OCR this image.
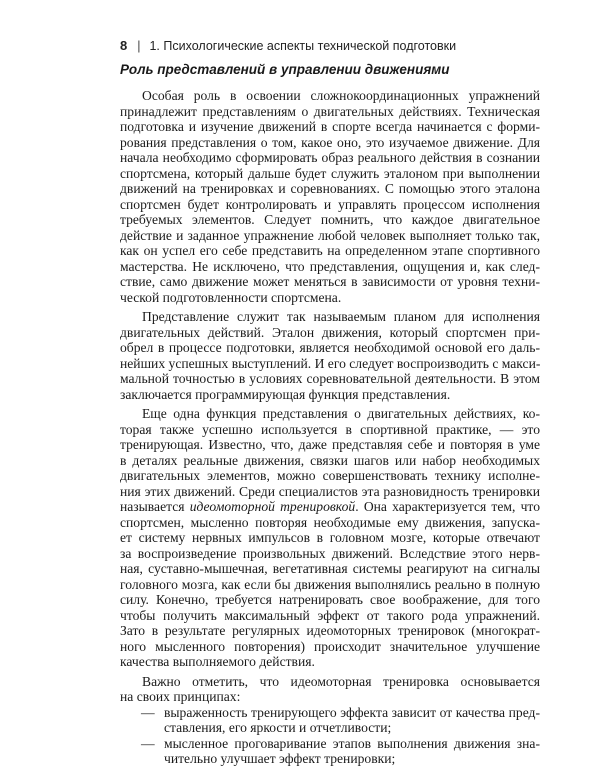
8 | 1. Психологические аспекты технической подготовки
Роль представлений в управлении движениями
Особая роль в освоении сложнокоординационных упражнений
принадлежит представлениям о двигательных действиях. Техническая
подготовка и изучение движений в спорте всегда начинается с форми-
рования представления о том, какое оно, это изучаемое движение. Для
начала необходимо сформировать образ реального действия в сознании
спортсмена, который дальше будет служить эталоном при выполнении
движений на тренировках и соревнованиях. С помощью этого эталона
спортсмен будет контролировать и управлять процессом исполнения
требуемых элементов. Следует помнить, что каждое двигательное
действие и заданное упражнение любой человек выполняет только так,
как он успел его себе представить на определенном этапе спортивного
мастерства. Не исключено, что представления, ощущения и, как след-
ствие, само движение может меняться в зависимости от уровня техни-
ческой подготовленности спортсмена.
Представление служит так называемым планом для исполнения
двигательных действий. Эталон движения, который спортсмен при-
обрел в процессе подготовки, является необходимой основой его даль-
нейших успешных выступлений. И его следует воспроизводить с макси-
мальной точностью в условиях соревновательной деятельности. В этом
заключается программирующая функция представления.
Еще одна функция представления о двигательных действиях, ко-
торая также успешно используется в спортивной практике, — это
тренирующая. Известно, что, даже представляя себе и повторяя в уме
в деталях реальные движения, связки шагов или набор необходимых
двигательных элементов, можно совершенствовать технику исполне-
ния этих движений. Среди специалистов эта разновидность тренировки
называется идеомоторной тренировкой. Она характеризуется тем, что
спортсмен, мысленно повторяя необходимые ему движения, запуска-
ет систему нервных импульсов в головном мозге, которые отвечают
за воспроизведение произвольных движений. Вследствие этого нерв-
ная, суставно-мышечная, вегетативная системы реагируют на сигналы
головного мозга, как если бы движения выполнялись реально в полную
силу. Конечно, требуется натренировать свое воображение, для того
чтобы получить максимальный эффект от такого рода упражнений.
Зато в результате регулярных идеомоторных тренировок (многократ-
ного мысленного повторения) происходит значительное улучшение
качества выполняемого действия.
Важно отметить, что идеомоторная тренировка основывается
на своих принципах:
— выраженность тренирующего эффекта зависит от качества пред-
ставления, его яркости и отчетливости;
— мысленное проговаривание этапов выполнения движения зна-
чительно улучшает эффект тренировки;
